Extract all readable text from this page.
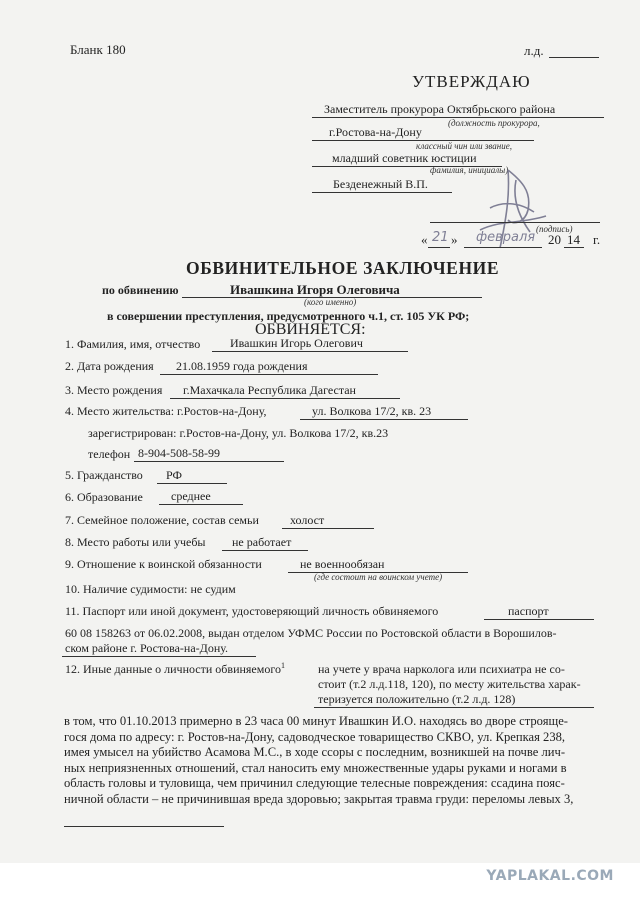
Бланк 180	л.д.
УТВЕРЖДАЮ
Заместитель прокурора Октябрьского района
(должность прокурора,
г.Ростова-на-Дону
классный чин или звание,
младший советник юстиции
фамилия, инициалы)
Безденежный В.П.
(подпись)
« 21 » февраля 20 14 г.
ОБВИНИТЕЛЬНОЕ ЗАКЛЮЧЕНИЕ
по обвинению	Ивашкина Игоря Олеговича
(кого именно)
в совершении преступления, предусмотренного ч.1, ст. 105 УК РФ;
ОБВИНЯЕТСЯ:
1. Фамилия, имя, отчество Ивашкин Игорь Олегович
2. Дата рождения 21.08.1959 года рождения
3. Место рождения г.Махачкала Республика Дагестан
4. Место жительства: г.Ростов-на-Дону,	ул. Волкова 17/2, кв. 23
зарегистрирован: г.Ростов-на-Дону, ул. Волкова 17/2, кв.23
телефон 8-904-508-58-99
5. Гражданство РФ
6. Образование среднее
7. Семейное положение, состав семьи	холост
8. Место работы или учебы не работает
9. Отношение к воинской обязанности	не военнообязан
(где состоит на воинском учете)
10. Наличие судимости: не судим
11. Паспорт или иной документ, удостоверяющий личность обвиняемого	паспорт
60 08 158263 от 06.02.2008, выдан отделом УФМС России по Ростовской области в Ворошилов-
ском районе г. Ростова-на-Дону.
12. Иные данные о личности обвиняемого$^1$	на учете у врача нарколога или психиатра не со-
стоит (т.2 л.д.118, 120), по месту жительства харак-
теризуется положительно (т.2 л.д. 128)
в том, что 01.10.2013 примерно в 23 часа 00 минут Ивашкин И.О. находясь во дворе строяще-
гося дома по адресу: г. Ростов-на-Дону, садоводческое товарищество СКВО, ул. Крепкая 238,
имея умысел на убийство Асамова М.С., в ходе ссоры с последним, возникшей на почве лич-
ных неприязненных отношений, стал наносить ему множественные удары руками и ногами в
область головы и туловища, чем причинил следующие телесные повреждения: ссадина пояс-
ничной области – не причинившая вреда здоровью; закрытая травма груди: переломы левых 3,
YAPLAKAL.COM
